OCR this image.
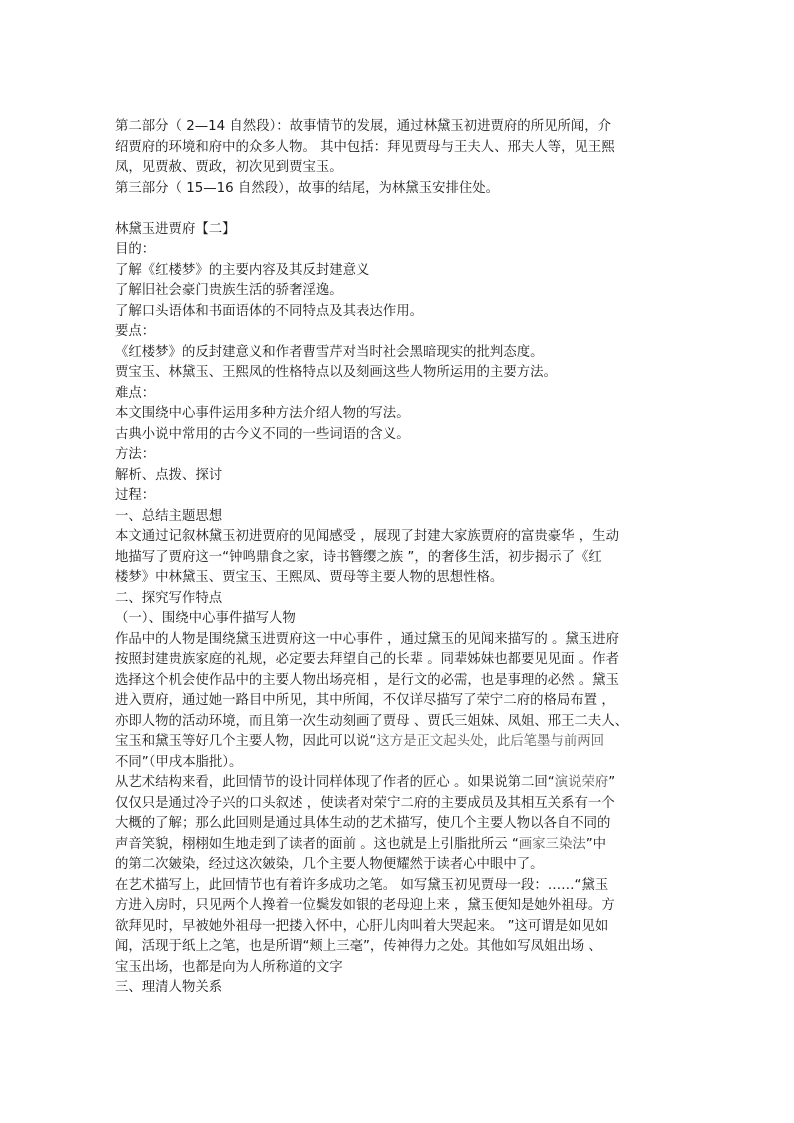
第二部分（ 2—14 自然段）：故事情节的发展，通过林黛玉初进贾府的所见所闻，介
绍贾府的环境和府中的众多人物。 其中包括：拜见贾母与王夫人、邢夫人等，见王熙
凤，见贾赦、贾政，初次见到贾宝玉。
第三部分（ 15—16 自然段），故事的结尾，为林黛玉安排住处。
林黛玉进贾府【二】
目的：
了解《红楼梦》的主要内容及其反封建意义
了解旧社会豪门贵族生活的骄奢淫逸。
了解口头语体和书面语体的不同特点及其表达作用。
要点：
《红楼梦》的反封建意义和作者曹雪芹对当时社会黑暗现实的批判态度。
贾宝玉、林黛玉、王熙凤的性格特点以及刻画这些人物所运用的主要方法。
难点：
本文围绕中心事件运用多种方法介绍人物的写法。
古典小说中常用的古今义不同的一些词语的含义。
方法：
解析、点拨、探讨
过程：
一、总结主题思想
本文通过记叙林黛玉初进贾府的见闻感受 ，展现了封建大家族贾府的富贵豪华 ，生动
地描写了贾府这一“钟鸣鼎食之家，诗书簪缨之族 ”，的奢侈生活，初步揭示了《红
楼梦》中林黛玉、贾宝玉、王熙凤、贾母等主要人物的思想性格。
二、探究写作特点
（一）、围绕中心事件描写人物
作品中的人物是围绕黛玉进贾府这一中心事件 ，通过黛玉的见闻来描写的 。黛玉进府
按照封建贵族家庭的礼规，必定要去拜望自己的长辈 。同辈姊妹也都要见见面 。作者
选择这个机会使作品中的主要人物出场亮相 ，是行文的必需，也是事理的必然 。黛玉
进入贾府，通过她一路目中所见，其中所闻，不仅详尽描写了荣宁二府的格局布置 ，
亦即人物的活动环境，而且第一次生动刻画了贾母 、贾氏三姐妹、凤姐、邢王二夫人、
宝玉和黛玉等好几个主要人物，因此可以说“这方是正文起头处，此后笔墨与前两回
不同”（甲戌本脂批）。
从艺术结构来看，此回情节的设计同样体现了作者的匠心 。如果说第二回“演说荣府”
仅仅只是通过冷子兴的口头叙述 ，使读者对荣宁二府的主要成员及其相互关系有一个
大概的了解；那么此回则是通过具体生动的艺术描写，使几个主要人物以各自不同的
声音笑貌，栩栩如生地走到了读者的面前 。这也就是上引脂批所云 “画家三染法”中
的第二次皴染，经过这次皴染，几个主要人物便耀然于读者心中眼中了。
在艺术描写上，此回情节也有着许多成功之笔。 如写黛玉初见贾母一段：……“黛玉
方进入房时，只见两个人搀着一位鬓发如银的老母迎上来 ，黛玉便知是她外祖母。方
欲拜见时，早被她外祖母一把搂入怀中，心肝儿肉叫着大哭起来。 ”这可谓是如见如
闻，活现于纸上之笔，也是所谓“颊上三毫”，传神得力之处。其他如写凤姐出场 、
宝玉出场，也都是向为人所称道的文字
三、理清人物关系
